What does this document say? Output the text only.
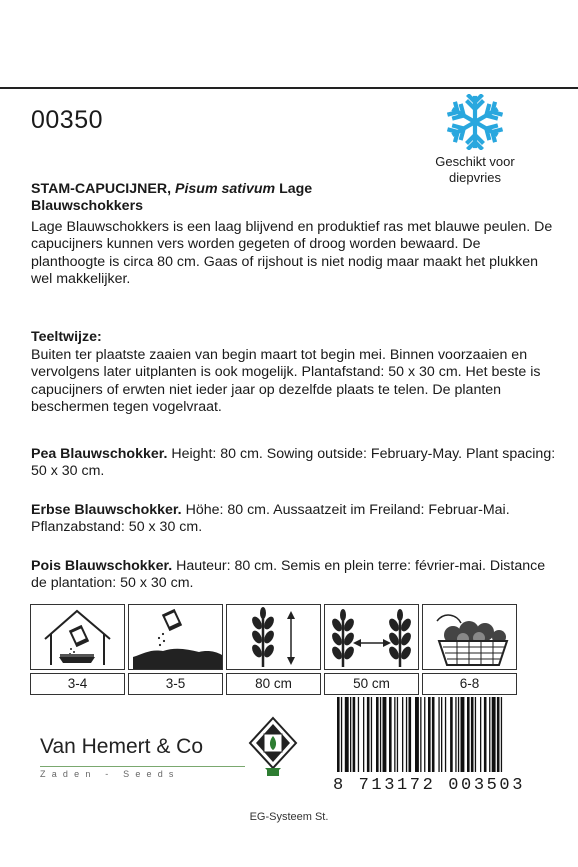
00350
Geschikt voor
diepvries
STAM-CAPUCIJNER, Pisum sativum Lage Blauwschokkers
Lage Blauwschokkers is een laag blijvend en produktief ras met blauwe peulen. De capucijners kunnen vers worden gegeten of droog worden bewaard. De planthoogte is circa 80 cm. Gaas of rijshout is niet nodig maar maakt het plukken wel makkelijker.
Teeltwijze:
Buiten ter plaatste zaaien van begin maart tot begin mei. Binnen voorzaaien en vervolgens later uitplanten is ook mogelijk. Plantafstand: 50 x 30 cm. Het beste is capucijners of erwten niet ieder jaar op dezelfde plaats te telen. De planten beschermen tegen vogelvraat.
Pea Blauwschokker. Height: 80 cm. Sowing outside: February-May. Plant spacing: 50 x 30 cm.
Erbse Blauwschokker. Höhe: 80 cm. Aussaatzeit im Freiland: Februar-Mai. Pflanzabstand: 50 x 30 cm.
Pois Blauwschokker. Hauteur: 80 cm. Semis en plein terre: février-mai. Distance de plantation: 50 x 30 cm.
3-4	3-5	80 cm	50 cm	6-8
Van Hemert & Co
Zaden - Seeds
8 713172 003503
EG-Systeem St.
